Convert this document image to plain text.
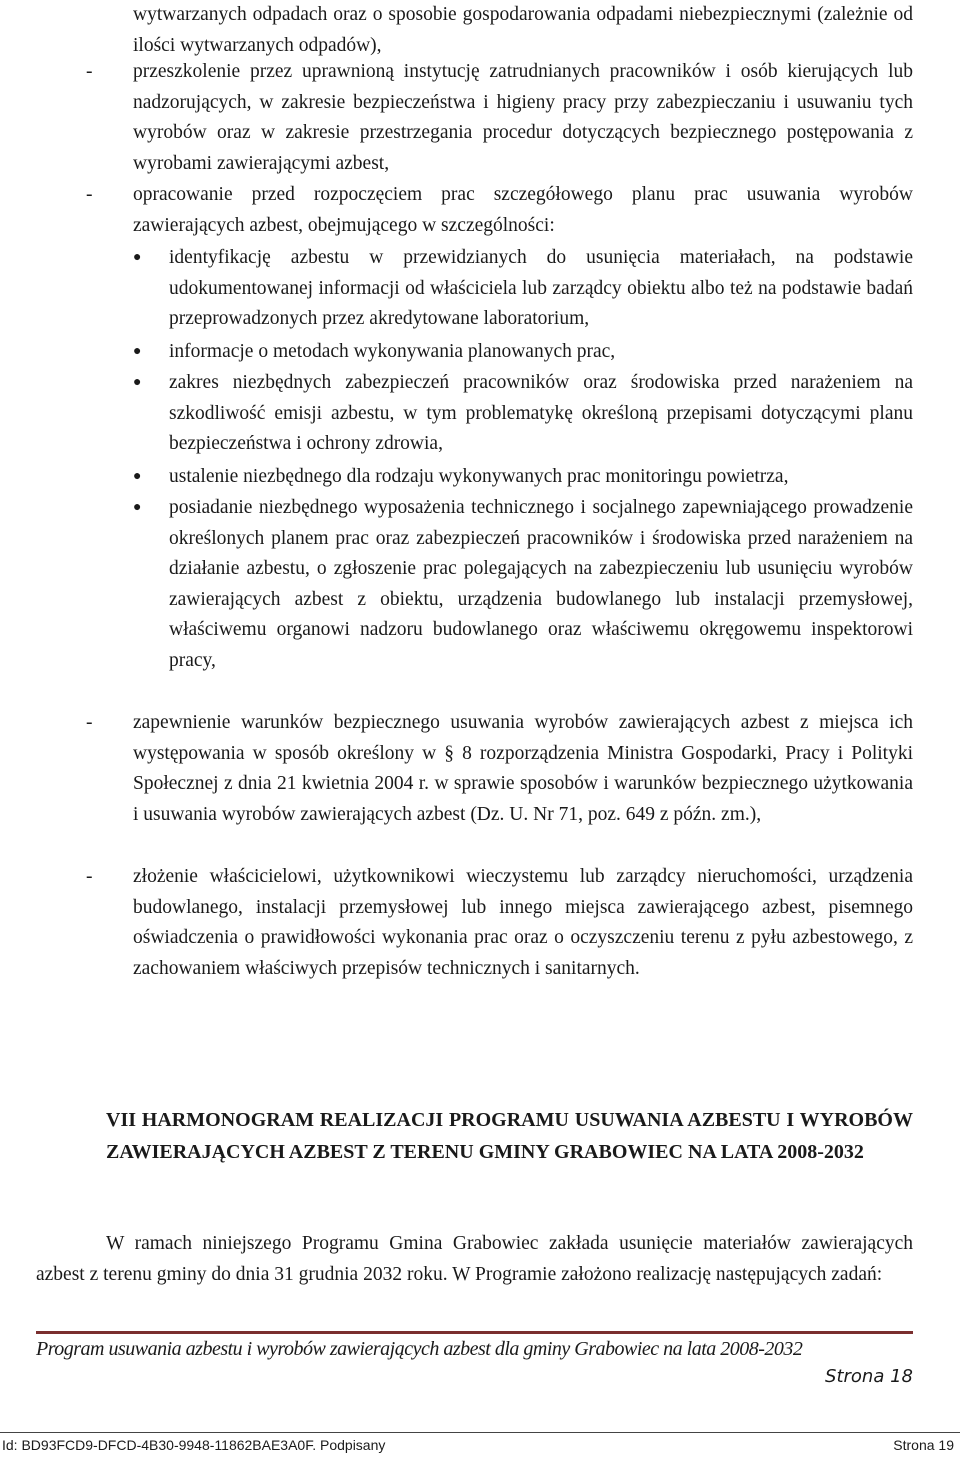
wytwarzanych odpadach oraz o sposobie gospodarowania odpadami niebezpiecznymi (zależnie od ilości wytwarzanych odpadów),
-	przeszkolenie przez uprawnioną instytucję zatrudnianych pracowników i osób kierujących lub nadzorujących, w zakresie bezpieczeństwa i higieny pracy przy zabezpieczaniu i usuwaniu tych wyrobów oraz w zakresie przestrzegania procedur dotyczących bezpiecznego postępowania z wyrobami zawierającymi azbest,
-	opracowanie przed rozpoczęciem prac szczegółowego planu prac usuwania wyrobów zawierających azbest, obejmującego w szczególności:
●	identyfikację azbestu w przewidzianych do usunięcia materiałach, na podstawie udokumentowanej informacji od właściciela lub zarządcy obiektu albo też na podstawie badań przeprowadzonych przez akredytowane laboratorium,
●	informacje o metodach wykonywania planowanych prac,
●	zakres niezbędnych zabezpieczeń pracowników oraz środowiska przed narażeniem na szkodliwość emisji azbestu, w tym problematykę określoną przepisami dotyczącymi planu bezpieczeństwa i ochrony zdrowia,
●	ustalenie niezbędnego dla rodzaju wykonywanych prac monitoringu powietrza,
●	posiadanie niezbędnego wyposażenia technicznego i socjalnego zapewniającego prowadzenie określonych planem prac oraz zabezpieczeń pracowników i środowiska przed narażeniem na działanie azbestu, o zgłoszenie prac polegających na zabezpieczeniu lub usunięciu wyrobów zawierających azbest z obiektu, urządzenia budowlanego lub instalacji przemysłowej, właściwemu organowi nadzoru budowlanego oraz właściwemu okręgowemu inspektorowi pracy,
-	zapewnienie warunków bezpiecznego usuwania wyrobów zawierających azbest z miejsca ich występowania w sposób określony w § 8 rozporządzenia Ministra Gospodarki, Pracy i Polityki Społecznej z dnia 21 kwietnia 2004 r. w sprawie sposobów i warunków bezpiecznego użytkowania i usuwania wyrobów zawierających azbest (Dz. U. Nr 71, poz. 649 z późn. zm.),
-	złożenie właścicielowi, użytkownikowi wieczystemu lub zarządcy nieruchomości, urządzenia budowlanego, instalacji przemysłowej lub innego miejsca zawierającego azbest, pisemnego oświadczenia o prawidłowości wykonania prac oraz o oczyszczeniu terenu z pyłu azbestowego, z zachowaniem właściwych przepisów technicznych i sanitarnych.
VII HARMONOGRAM REALIZACJI PROGRAMU USUWANIA AZBESTU I WYROBÓW ZAWIERAJĄCYCH AZBEST Z TERENU GMINY GRABOWIEC NA LATA 2008-2032
W ramach niniejszego Programu Gmina Grabowiec zakłada usunięcie materiałów zawierających azbest z terenu gminy do dnia 31 grudnia 2032 roku. W Programie założono realizację następujących zadań:
Program usuwania azbestu i wyrobów zawierających azbest dla gminy Grabowiec na lata 2008-2032
Strona 18
Id: BD93FCD9-DFCD-4B30-9948-11862BAE3A0F. Podpisany	Strona 19
